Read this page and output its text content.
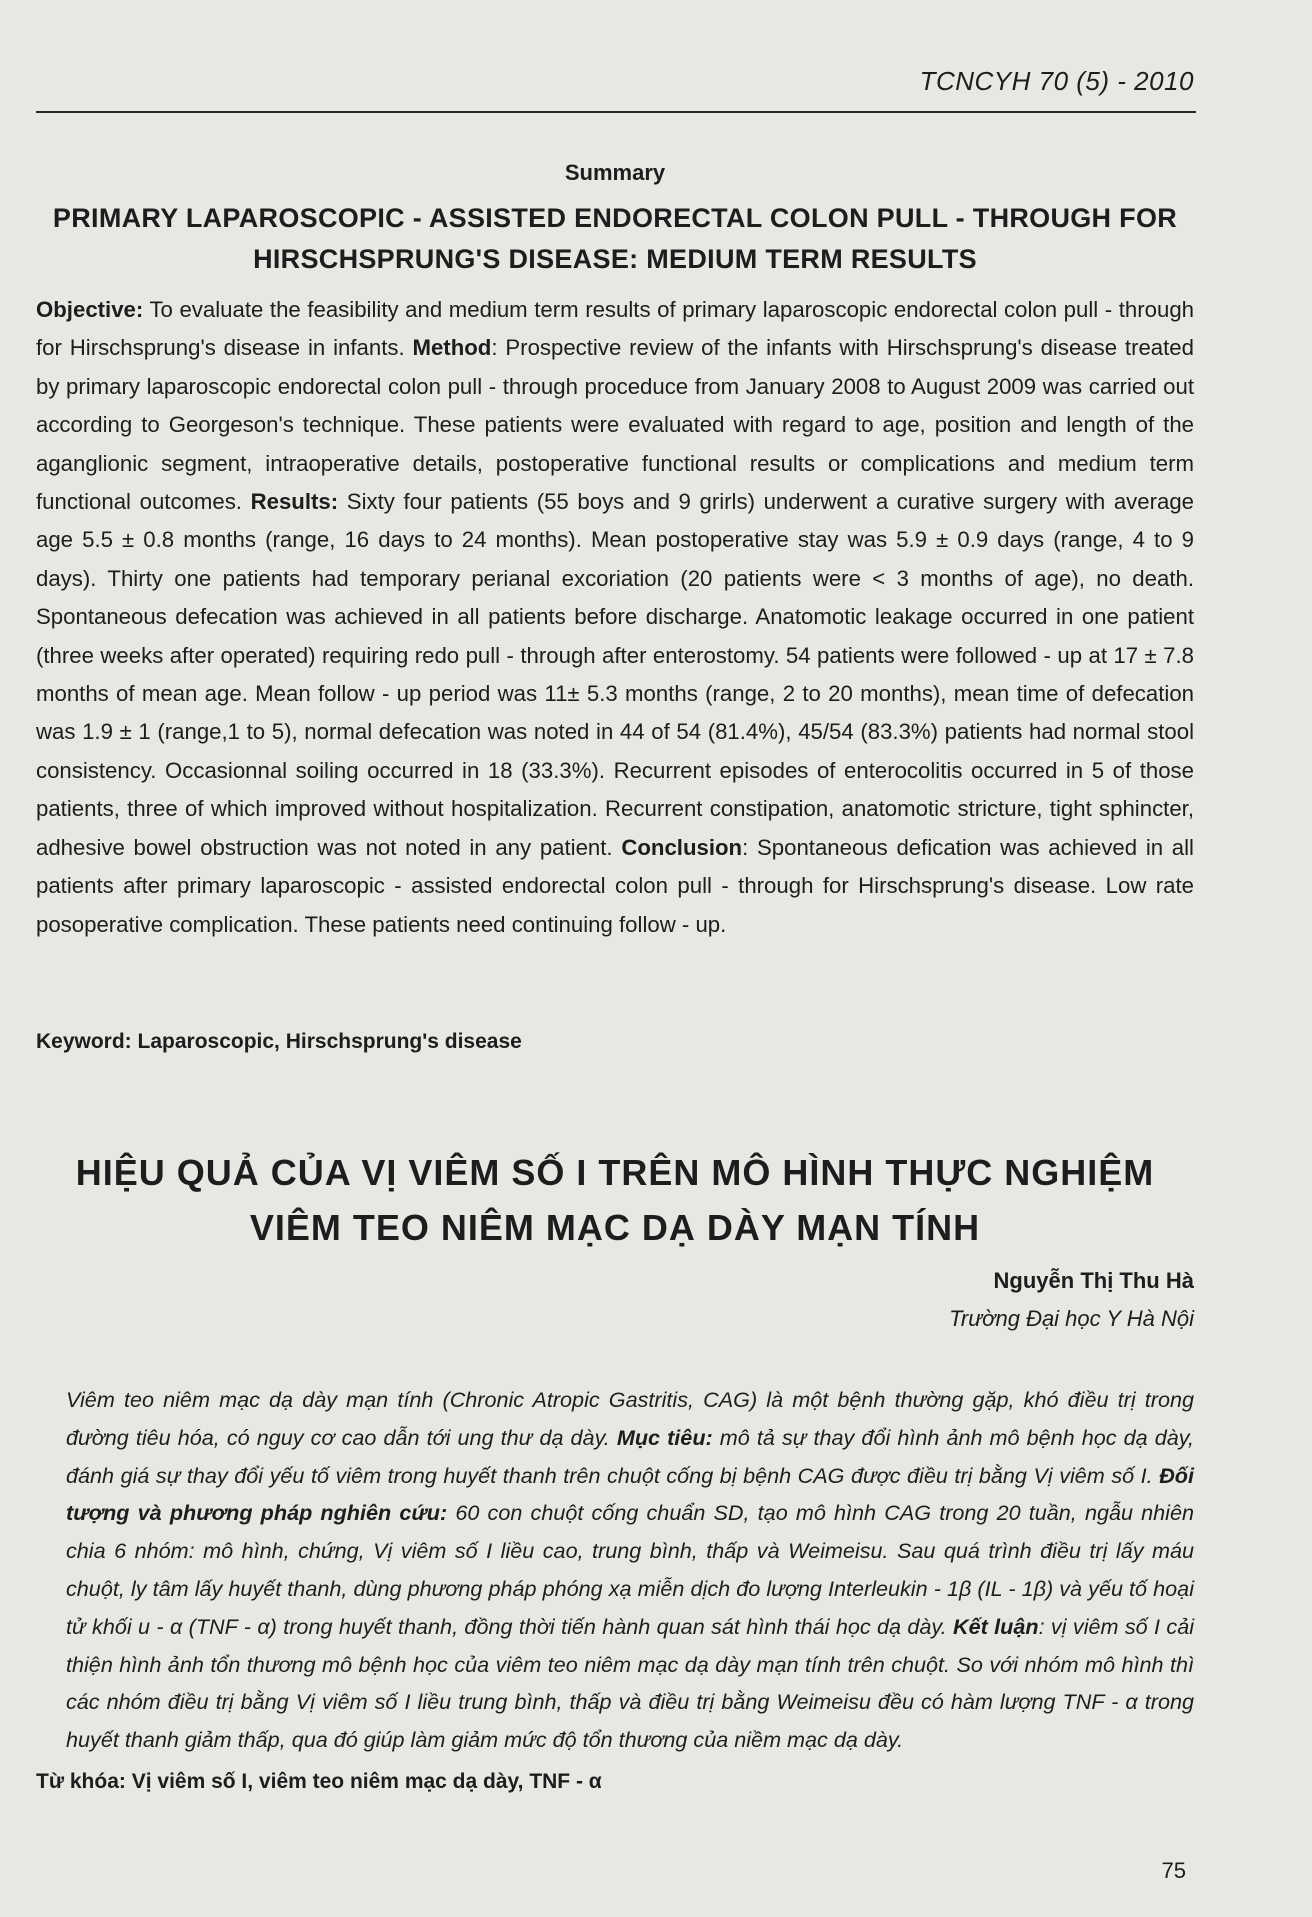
TCNCYH 70 (5) - 2010
Summary
PRIMARY LAPAROSCOPIC - ASSISTED ENDORECTAL COLON PULL - THROUGH FOR HIRSCHSPRUNG'S DISEASE: MEDIUM TERM RESULTS
Objective: To evaluate the feasibility and medium term results of primary laparoscopic endorectal colon pull - through for Hirschsprung's disease in infants. Method: Prospective review of the infants with Hirschsprung's disease treated by primary laparoscopic endorectal colon pull - through proceduce from January 2008 to August 2009 was carried out according to Georgeson's technique. These patients were evaluated with regard to age, position and length of the aganglionic segment, intraoperative details, postoperative functional results or complications and medium term functional outcomes. Results: Sixty four patients (55 boys and 9 grirls) underwent a curative surgery with average age 5.5 ± 0.8 months (range, 16 days to 24 months). Mean postoperative stay was 5.9 ± 0.9 days (range, 4 to 9 days). Thirty one patients had temporary perianal excoriation (20 patients were < 3 months of age), no death. Spontaneous defecation was achieved in all patients before discharge. Anatomotic leakage occurred in one patient (three weeks after operated) requiring redo pull - through after enterostomy. 54 patients were followed - up at 17 ± 7.8 months of mean age. Mean follow - up period was 11± 5.3 months (range, 2 to 20 months), mean time of defecation was 1.9 ± 1 (range,1 to 5), normal defecation was noted in 44 of 54 (81.4%), 45/54 (83.3%) patients had normal stool consistency. Occasionnal soiling occurred in 18 (33.3%). Recurrent episodes of enterocolitis occurred in 5 of those patients, three of which improved without hospitalization. Recurrent constipation, anatomotic stricture, tight sphincter, adhesive bowel obstruction was not noted in any patient. Conclusion: Spontaneous defication was achieved in all patients after primary laparoscopic - assisted endorectal colon pull - through for Hirschsprung's disease. Low rate posoperative complication. These patients need continuing follow - up.
Keyword: Laparoscopic, Hirschsprung's disease
HIỆU QUẢ CỦA VỊ VIÊM SỐ I TRÊN MÔ HÌNH THỰC NGHIỆM
VIÊM TEO NIÊM MẠC DẠ DÀY MẠN TÍNH
Nguyễn Thị Thu Hà
Trường Đại học Y Hà Nội
Viêm teo niêm mạc dạ dày mạn tính (Chronic Atropic Gastritis, CAG) là một bệnh thường gặp, khó điều trị trong đường tiêu hóa, có nguy cơ cao dẫn tới ung thư dạ dày. Mục tiêu: mô tả sự thay đổi hình ảnh mô bệnh học dạ dày, đánh giá sự thay đổi yếu tố viêm trong huyết thanh trên chuột cống bị bệnh CAG được điều trị bằng Vị viêm số I. Đối tượng và phương pháp nghiên cứu: 60 con chuột cống chuẩn SD, tạo mô hình CAG trong 20 tuần, ngẫu nhiên chia 6 nhóm: mô hình, chứng, Vị viêm số I liều cao, trung bình, thấp và Weimeisu. Sau quá trình điều trị lấy máu chuột, ly tâm lấy huyết thanh, dùng phương pháp phóng xạ miễn dịch đo lượng Interleukin - 1β (IL - 1β) và yếu tố hoại tử khối u - α (TNF - α) trong huyết thanh, đồng thời tiến hành quan sát hình thái học dạ dày. Kết luận: vị viêm số I cải thiện hình ảnh tổn thương mô bệnh học của viêm teo niêm mạc dạ dày mạn tính trên chuột. So với nhóm mô hình thì các nhóm điều trị bằng Vị viêm số I liều trung bình, thấp và điều trị bằng Weimeisu đều có hàm lượng TNF - α trong huyết thanh giảm thấp, qua đó giúp làm giảm mức độ tổn thương của niềm mạc dạ dày.
Từ khóa: Vị viêm số I, viêm teo niêm mạc dạ dày, TNF - α
75
